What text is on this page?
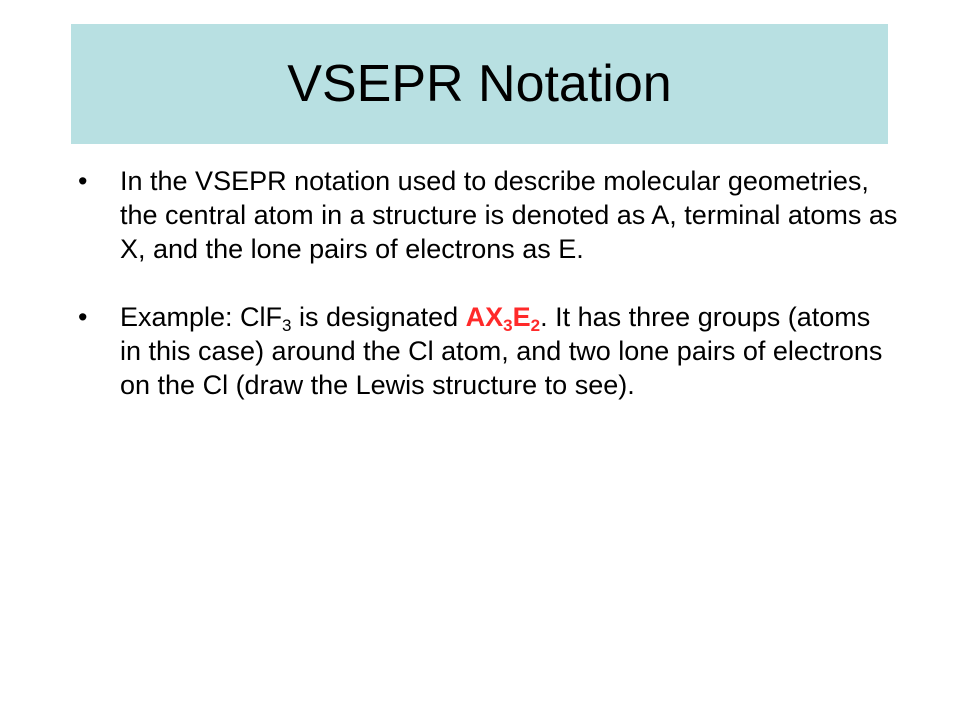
VSEPR Notation
•	In the VSEPR notation used to describe molecular geometries, the central atom in a structure is denoted as A, terminal atoms as X, and the lone pairs of electrons as E.
•	Example: ClF$_3$ is designated $AX_3E_2$. It has three groups (atoms in this case) around the Cl atom, and two lone pairs of electrons on the Cl (draw the Lewis structure to see).
